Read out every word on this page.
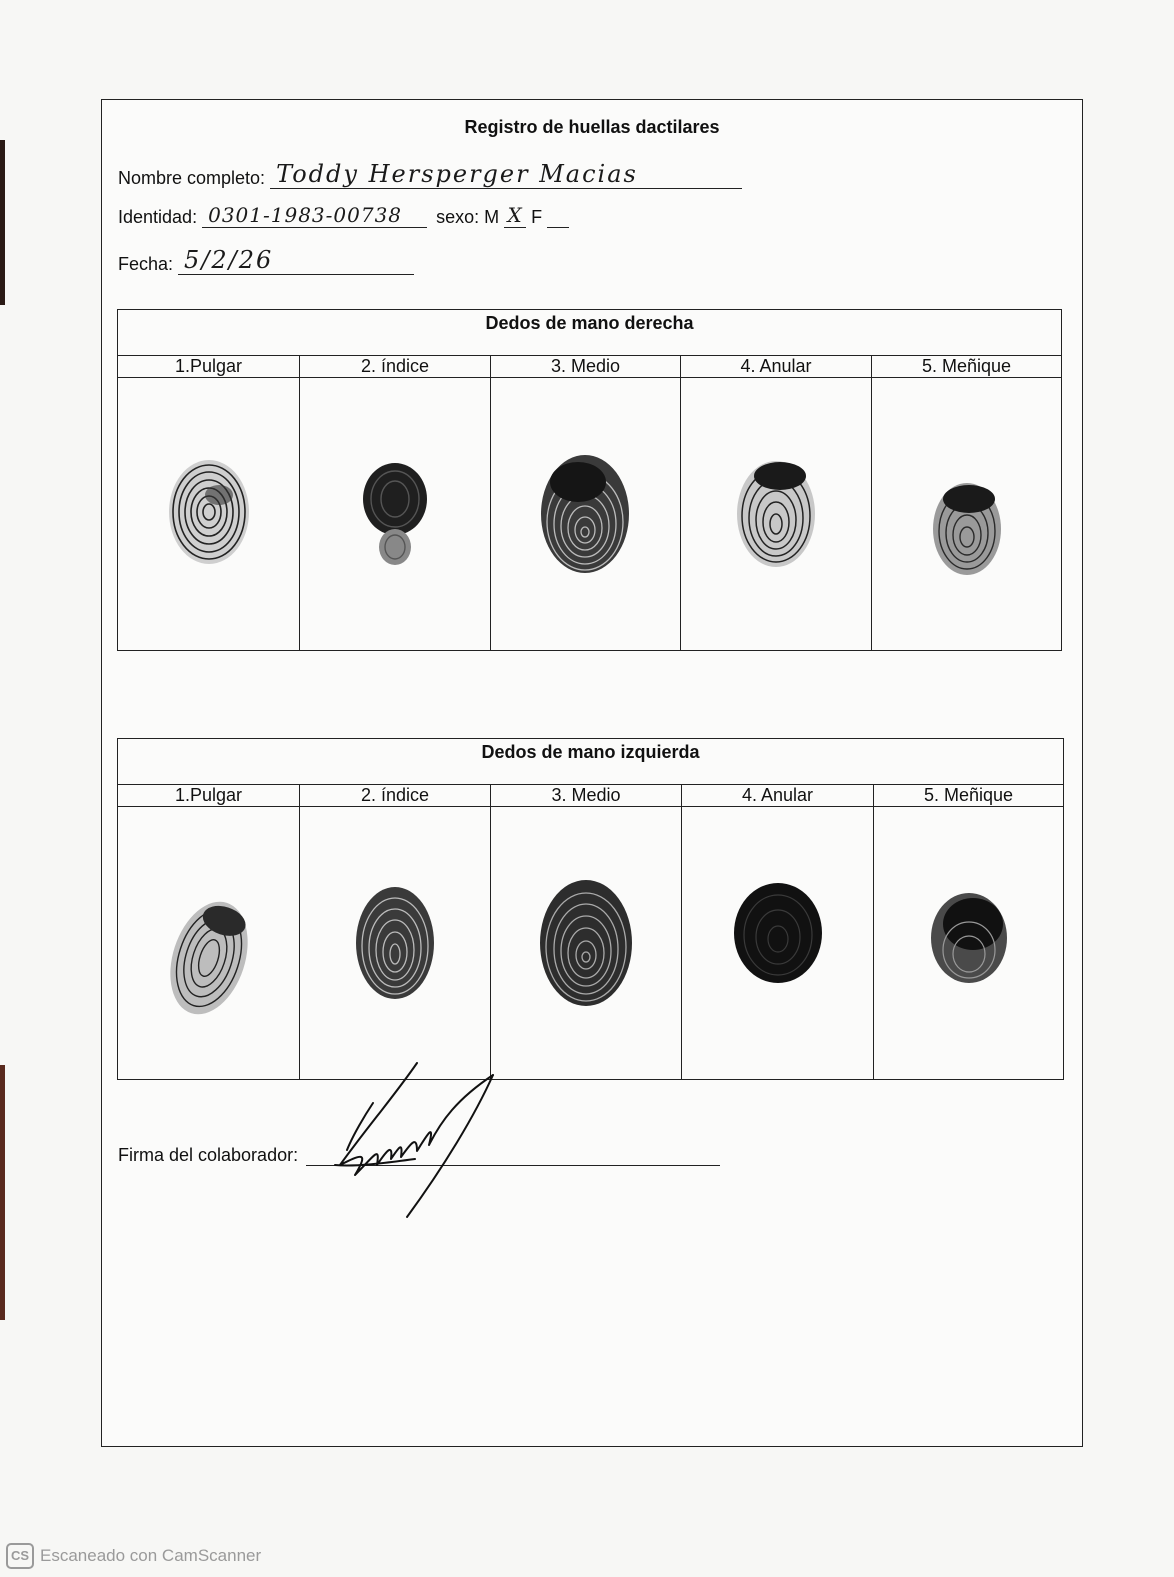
Registro de huellas dactilares
Nombre completo: Toddy Hersperger Macias
Identidad: 0301-1983-00738 sexo: M X F
Fecha: 5/2/26
Dedos de mano derecha				
1.Pulgar	2. índice	3. Medio	4. Anular	5. Meñique

Dedos de mano izquierda				
1.Pulgar	2. índice	3. Medio	4. Anular	5. Meñique

Firma del colaborador:
CS Escaneado con CamScanner
